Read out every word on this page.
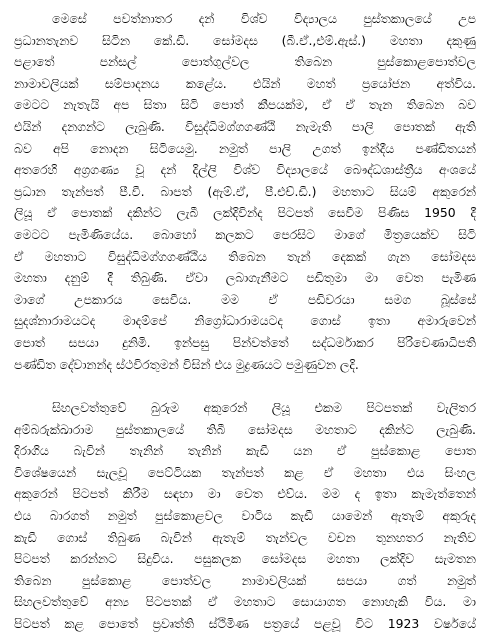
මෙසේ පවත්නාතර දන් විශ්ව විද්‍යාලය පුස්තකාලයේ උප
ප්‍රධානතැනව සිටින කේ.ඩී. සෝමදස (බී.ඒ.,එම්.ඇස්.) මහතා දකුණු
පළාතේ	පන්සල්	පොත්ගුල්වල	තිබෙන	පුස්කොළපොත්වල
නාමාවලියක් සම්පාදනය කළේය. එයින් මහත් ප්‍රයෝජන අත්විය.
මෙටට නැතැයි අප සිතා සිටි පොත් කීපයක්ම, ඒ ඒ තැන තිබෙන බව
එයින් දනගන්ට ලැබුණි. විසුද්ධිමග්ගගණ්ඨි නැමැති පාලි පොතක් ඇති
බව අපි නොදන සිටියෙමු. නමුත් පාලි උගත් ඉන්දීය පණ්ඩිතයන්
අතරෙහි අග්‍රගණ්‍ය වූ දන් දිල්ලි විශ්ව විද්‍යාලයේ බෞද්ධශාස්ත්‍රීය අංශයේ
ප්‍රධාන තැන්පත් පී.වී. බාපත් (ඇම්.ඒ, පී.එච්.ඩී.) මහතාට සියම් අකුරෙන්
ලියූ ඒ පොතක් දකින්ට ලැබී ලක්දිවින්ද පිටපත් සෙවීම පිණිස 1950 දී
මෙටට පැමිණියේය. බොහෝ කලකට පෙරසිට මාගේ මිත්‍රයෙක්ව සිටි
ඒ මහතාට විසුද්ධිමග්ගගණ්ඨිය තිබෙන තැන් දෙකක් ගැන සෝමදස
මහතා දනුම් දී තිබුණි. ඒවා ලබාගැනීමට පඩිතුමා මා වෙත පැමිණ
මාගේ උපකාරය සෙවීය. මම ඒ පඩිවරයා සමග බූස්සේ
සුදශ්නාරාමයටද මාදම්පේ නිග්‍රෝධාරාමයටද ගොස් ඉතා අමාරුවෙන්
පොත් සපයා දුනිමි. ඉන්පසු පින්වත්තේ සද්ධර්මාකර පිරිවෙණාධිපති
පණ්ඩිත දේවානන්ද ස්ථවිරතුමන් විසින් එය මුද්‍රණයට පමුණුවන ලදි.
සිහලවත්‍තුවේ බුරුම අකුරෙන් ලියූ එකම පිටපතක් වැලිතර
අම්බරුක්ඛාරාම පුස්තකාලයේ තිබී සෝමදස මහතාට දකින්ට ලැබුණි.
දිරාගිය බැවින් තැනින් තැනින් කැඩී යන ඒ පුස්කොළ පොත
විශේෂයෙන් සැලවූ පෙට්ටියක තැන්පත් කළ ඒ මහතා එය සිංහල
අකුරෙන් පිටපත් කිරීම සඳහා මා වෙත එව්ය. මම ද ඉතා කැමැත්තෙන්
එය බාරගත් නමුත් පුස්කොළවල වාටිය කැඩී යාමෙන් ඇතැම් අකුරුද
කැඩී ගොස් තිබුණ බැවින් ඇතැම් තැන්වල වචන තුනහතර නැතිව
පිටපත් කරන්නට සිදුවිය. පසුකලක සෝමදස මහතා ලක්දිව සැමතන
තිබෙන පුස්කොළ පොත්වල නාමාවලියක් සපයා ගත් නමුත්
සිහලවත්‍තුවේ අන්‍ය පිටපතක් ඒ මහතාට සොයාගත නොහැකි විය. මා
පිටපත් කළ පොතේ ප්‍රවෘත්ති ස්ථිමිණ පත්‍රයේ පළවූ විට 1923 වර්ෂයේ
